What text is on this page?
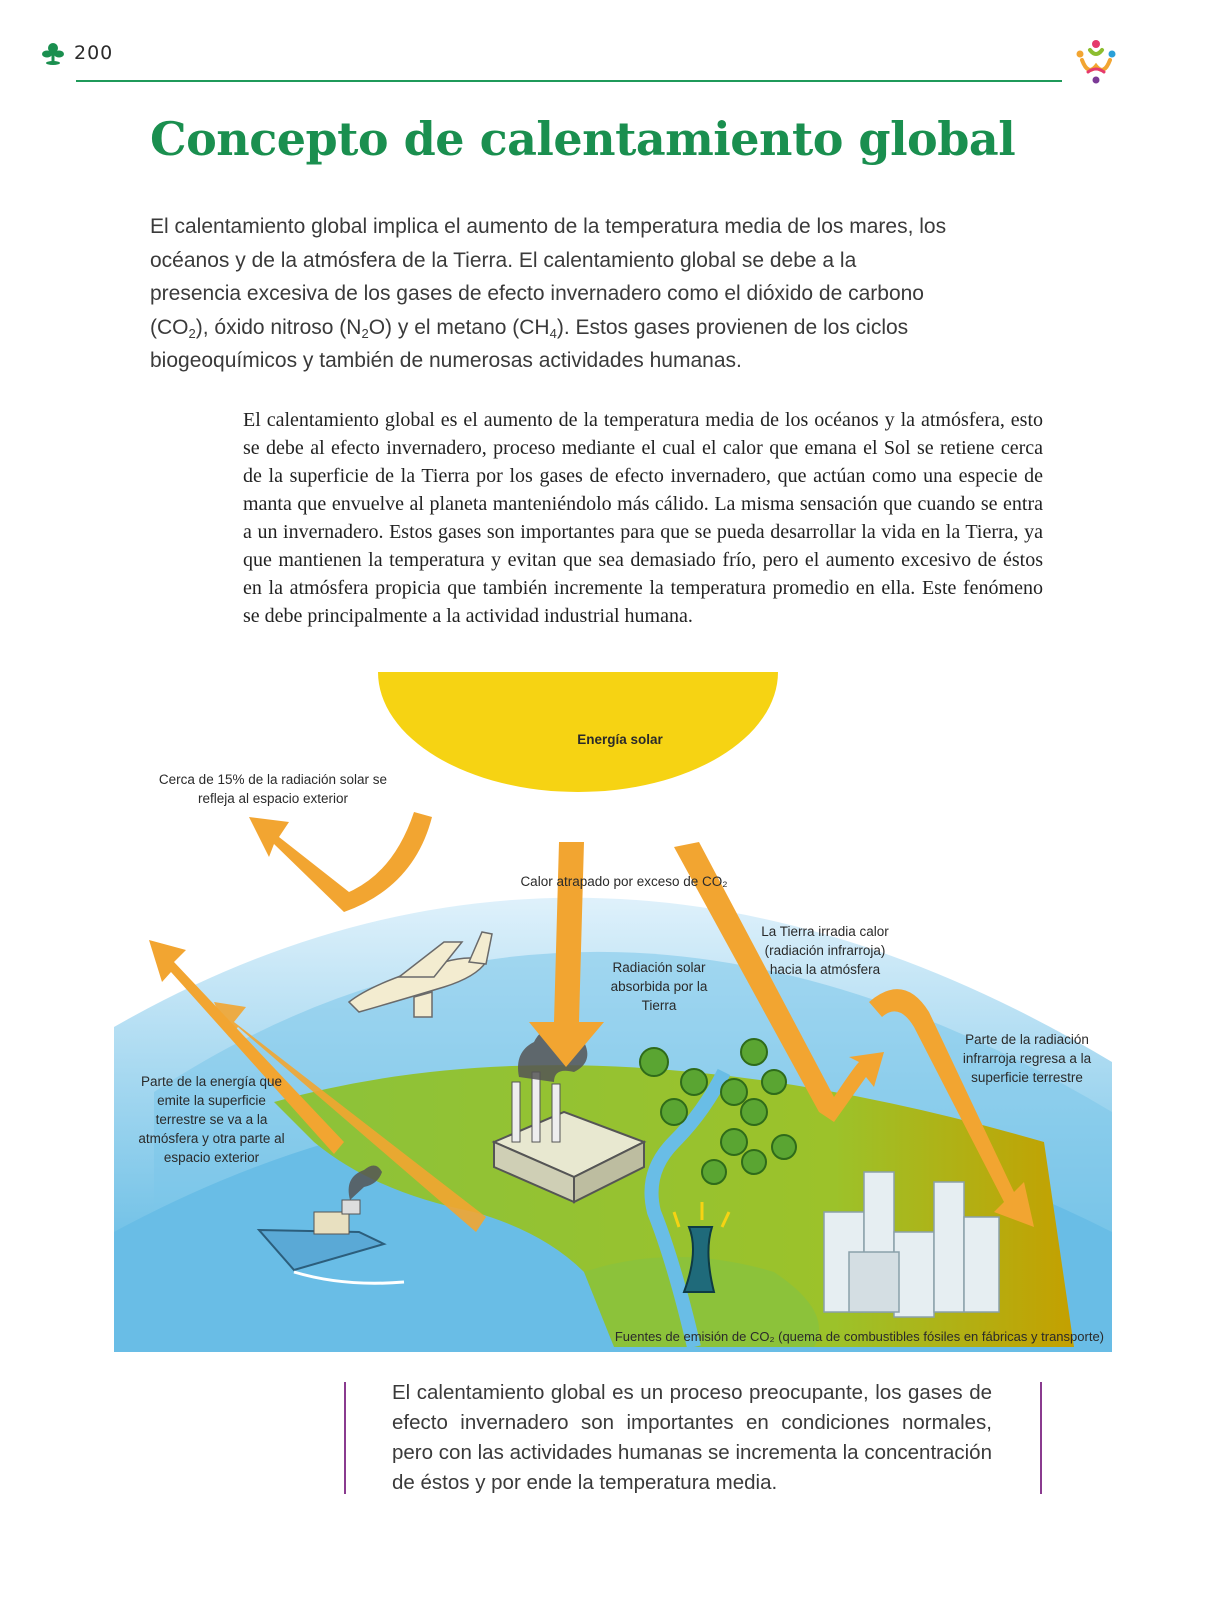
200
Concepto de calentamiento global

El calentamiento global implica el aumento de la temperatura media de los mares, los océanos y de la atmósfera de la Tierra. El calentamiento global se debe a la presencia excesiva de los gases de efecto invernadero como el dióxido de carbono $(CO_2)$, óxido nitroso $(N_2O)$ y el metano $(CH_4)$. Estos gases provienen de los ciclos biogeoquímicos y también de numerosas actividades humanas.

El calentamiento global es el aumento de la temperatura media de los océanos y la atmósfera, esto se debe al efecto invernadero, proceso mediante el cual el calor que emana el Sol se retiene cerca de la superficie de la Tierra por los gases de efecto invernadero, que actúan como una especie de manta que envuelve al planeta manteniéndolo más cálido. La misma sensación que cuando se entra a un invernadero. Estos gases son importantes para que se pueda desarrollar la vida en la Tierra, ya que mantienen la temperatura y evitan que sea demasiado frío, pero el aumento excesivo de éstos en la atmósfera propicia que también incremente la temperatura promedio en ella. Este fenómeno se debe principalmente a la actividad industrial humana.

Energía solar

Cerca de 15% de la radiación solar se refleja al espacio exterior

Calor atrapado por exceso de CO₂

Radiación solar absorbida por la Tierra

La Tierra irradia calor (radiación infrarroja) hacia la atmósfera

Parte de la radiación infrarroja regresa a la superficie terrestre

Parte de la energía que emite la superficie terrestre se va a la atmósfera y otra parte al espacio exterior

Fuentes de emisión de CO₂ (quema de combustibles fósiles en fábricas y transporte)

El calentamiento global es un proceso preocupante, los gases de efecto invernadero son importantes en condiciones normales, pero con las actividades humanas se incrementa la concentración de éstos y por ende la temperatura media.
